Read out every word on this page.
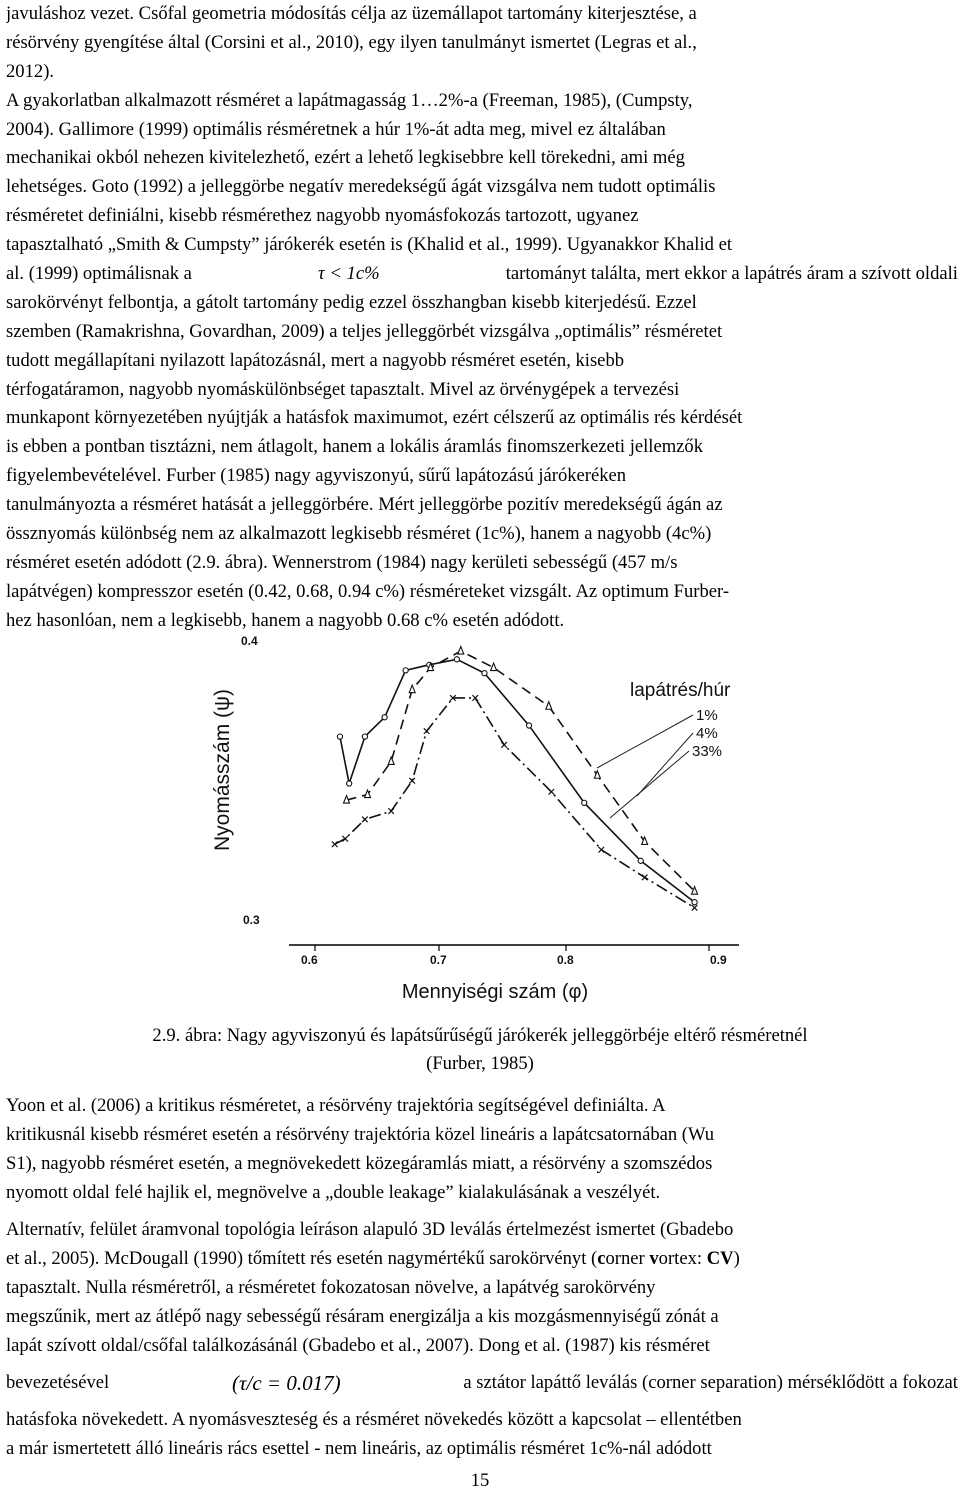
javuláshoz vezet. Csőfal geometria módosítás célja az üzemállapot tartomány kiterjesztése, a
résörvény gyengítése által (Corsini et al., 2010), egy ilyen tanulmányt ismertet (Legras et al.,
2012).
A gyakorlatban alkalmazott résméret a lapátmagasság 1…2%-a (Freeman, 1985), (Cumpsty,
2004). Gallimore (1999) optimális résméretnek a húr 1%-át adta meg, mivel ez általában
mechanikai okból nehezen kivitelezhető, ezért a lehető legkisebbre kell törekedni, ami még
lehetséges. Goto (1992) a jelleggörbe negatív meredekségű ágát vizsgálva nem tudott optimális
résméretet definiálni, kisebb résmérethez nagyobb nyomásfokozás tartozott, ugyanez
tapasztalható „Smith & Cumpsty” járókerék esetén is (Khalid et al., 1999). Ugyanakkor Khalid et
al. (1999) optimálisnak a	τ < 1c%	tartományt találta, mert ekkor a lapátrés áram a szívott oldali
sarokörvényt felbontja, a gátolt tartomány pedig ezzel összhangban kisebb kiterjedésű. Ezzel
szemben (Ramakrishna, Govardhan, 2009) a teljes jelleggörbét vizsgálva „optimális” résméretet
tudott megállapítani nyilazott lapátozásnál, mert a nagyobb résméret esetén, kisebb
térfogatáramon, nagyobb nyomáskülönbséget tapasztalt. Mivel az örvénygépek a tervezési
munkapont környezetében nyújtják a hatásfok maximumot, ezért célszerű az optimális rés kérdését
is ebben a pontban tisztázni, nem átlagolt, hanem a lokális áramlás finomszerkezeti jellemzők
figyelembevételével. Furber (1985) nagy agyviszonyú, sűrű lapátozású járókeréken
tanulmányozta a résméret hatását a jelleggörbére. Mért jelleggörbe pozitív meredekségű ágán az
össznyomás különbség nem az alkalmazott legkisebb résméret (1c%), hanem a nagyobb (4c%)
résméret esetén adódott (2.9. ábra). Wennerstrom (1984) nagy kerületi sebességű (457 m/s
lapátvégen) kompresszor esetén (0.42, 0.68, 0.94 c%) résméreteket vizsgált. Az optimum Furber-
hez hasonlóan, nem a legkisebb, hanem a nagyobb 0.68 c% esetén adódott.
Nyomásszám (ψ)
0.4
0.3
0.6	0.7	0.8	0.9
Mennyiségi szám (φ)
lapátrés/húr
1%
4%
33%
2.9. ábra: Nagy agyviszonyú és lapátsűrűségű járókerék jelleggörbéje eltérő résméretnél
(Furber, 1985)
Yoon et al. (2006) a kritikus résméretet, a résörvény trajektória segítségével definiálta. A
kritikusnál kisebb résméret esetén a résörvény trajektória közel lineáris a lapátcsatornában (Wu
S1), nagyobb résméret esetén, a megnövekedett közegáramlás miatt, a résörvény a szomszédos
nyomott oldal felé hajlik el, megnövelve a „double leakage” kialakulásának a veszélyét.
Alternatív, felület áramvonal topológia leíráson alapuló 3D leválás értelmezést ismertet (Gbadebo
et al., 2005). McDougall (1990) tőmített rés esetén nagymértékű sarokörvényt (corner vortex: CV)
tapasztalt. Nulla résméretről, a résméretet fokozatosan növelve, a lapátvég sarokörvény
megszűnik, mert az átlépő nagy sebességű résáram energizálja a kis mozgásmennyiségű zónát a
lapát szívott oldal/csőfal találkozásánál (Gbadebo et al., 2007). Dong et al. (1987) kis résméret
bevezetésével	(τ/c = 0.017)	a sztátor lapáttő leválás (corner separation) mérséklődött a fokozat
hatásfoka növekedett. A nyomásveszteség és a résméret növekedés között a kapcsolat – ellentétben
a már ismertetett álló lineáris rács esettel - nem lineáris, az optimális résméret 1c%-nál adódott
15
